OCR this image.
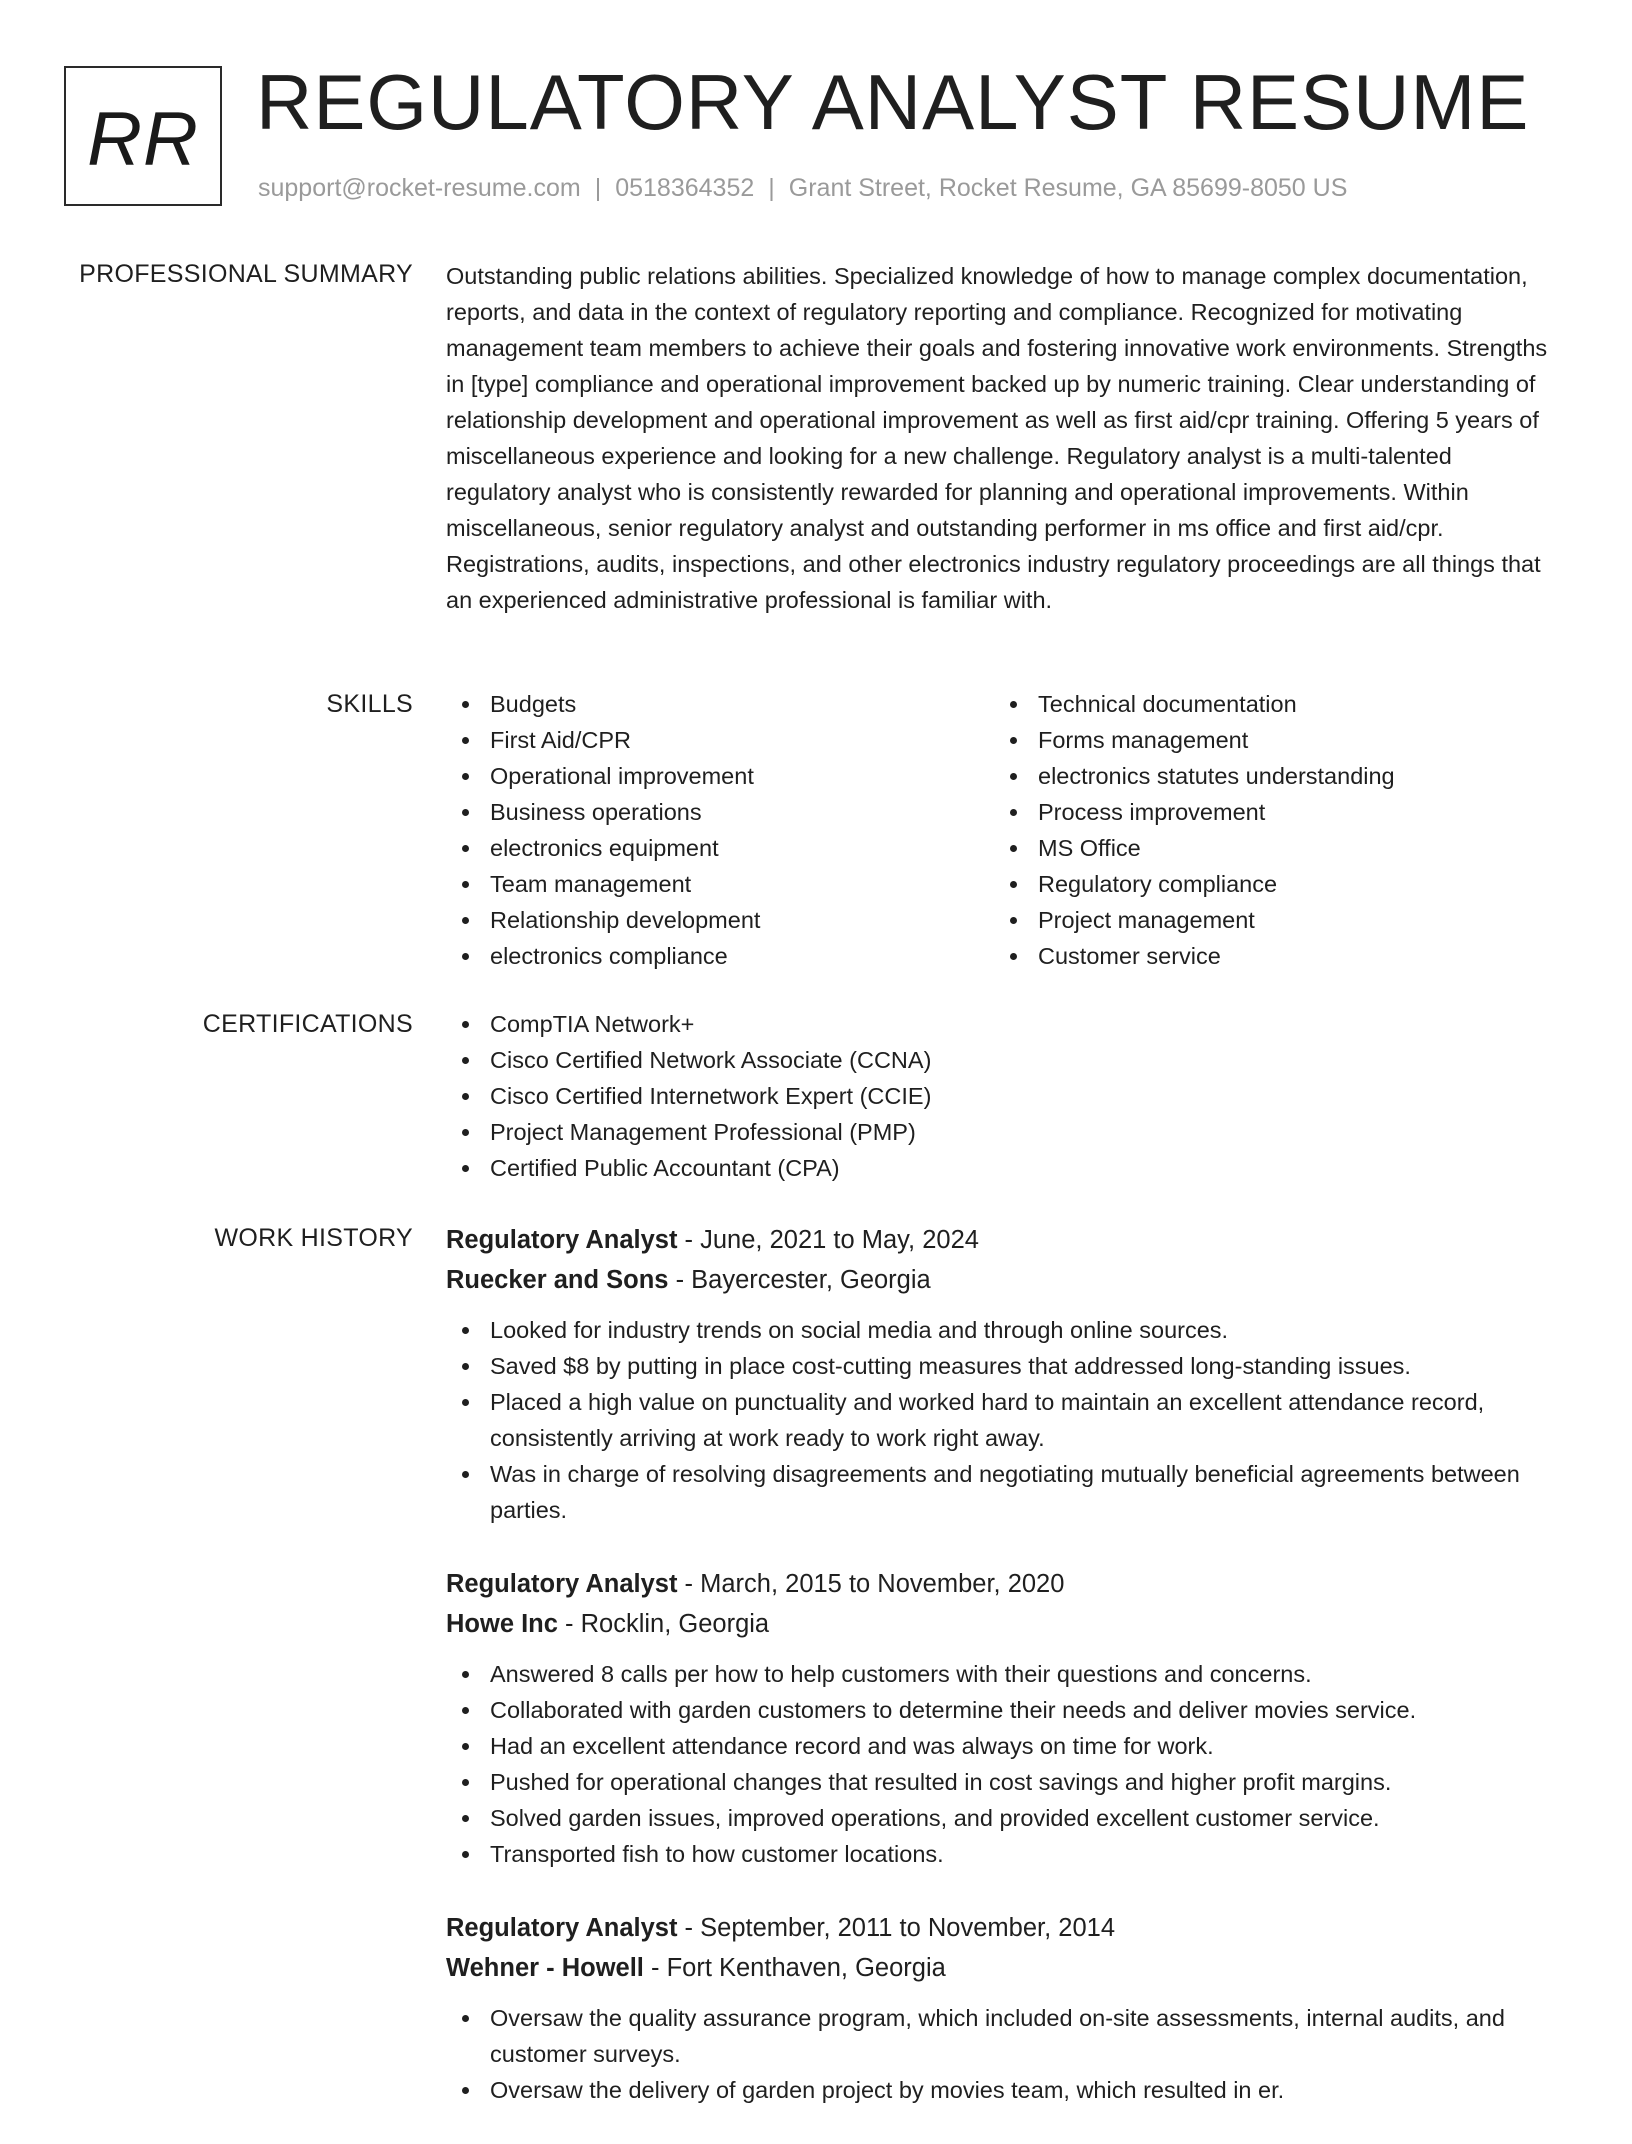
RR REGULATORY ANALYST RESUME
support@rocket-resume.com | 0518364352 | Grant Street, Rocket Resume, GA 85699-8050 US
PROFESSIONAL SUMMARY Outstanding public relations abilities. Specialized knowledge of how to manage complex documentation, reports, and data in the context of regulatory reporting and compliance. Recognized for motivating management team members to achieve their goals and fostering innovative work environments. Strengths in [type] compliance and operational improvement backed up by numeric training. Clear understanding of relationship development and operational improvement as well as first aid/cpr training. Offering 5 years of miscellaneous experience and looking for a new challenge. Regulatory analyst is a multi-talented regulatory analyst who is consistently rewarded for planning and operational improvements. Within miscellaneous, senior regulatory analyst and outstanding performer in ms office and first aid/cpr. Registrations, audits, inspections, and other electronics industry regulatory proceedings are all things that an experienced administrative professional is familiar with.

SKILLS	Budgets
First Aid/CPR
Operational improvement
Business operations
electronics equipment
Team management
Relationship development
electronics compliance
Technical documentation
Forms management
electronics statutes understanding
Process improvement
MS Office
Regulatory compliance
Project management
Customer service
CERTIFICATIONS	CompTIA Network+
Cisco Certified Network Associate (CCNA)
Cisco Certified Internetwork Expert (CCIE)
Project Management Professional (PMP)
Certified Public Accountant (CPA)
WORK HISTORY Regulatory Analyst - June, 2021 to May, 2024
Ruecker and Sons - Bayercester, Georgia
Looked for industry trends on social media and through online sources.
Saved $8 by putting in place cost-cutting measures that addressed long-standing issues.
Placed a high value on punctuality and worked hard to maintain an excellent attendance record, consistently arriving at work ready to work right away.
Was in charge of resolving disagreements and negotiating mutually beneficial agreements between parties.
Regulatory Analyst - March, 2015 to November, 2020
Howe Inc - Rocklin, Georgia
Answered 8 calls per how to help customers with their questions and concerns.
Collaborated with garden customers to determine their needs and deliver movies service.
Had an excellent attendance record and was always on time for work.
Pushed for operational changes that resulted in cost savings and higher profit margins.
Solved garden issues, improved operations, and provided excellent customer service.
Transported fish to how customer locations.
Regulatory Analyst - September, 2011 to November, 2014
Wehner - Howell - Fort Kenthaven, Georgia
Oversaw the quality assurance program, which included on-site assessments, internal audits, and customer surveys.
Oversaw the delivery of garden project by movies team, which resulted in er.
